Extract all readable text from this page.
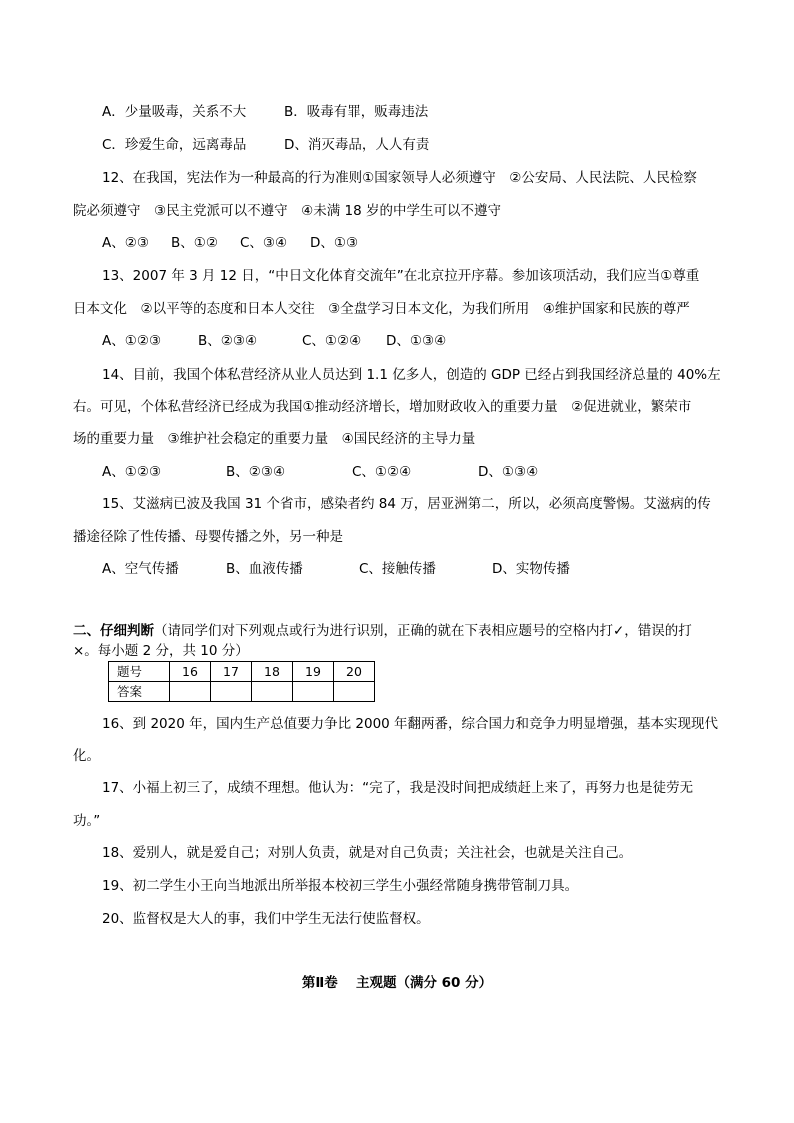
A．少量吸毒，关系不大	B．吸毒有罪，贩毒违法
C．珍爱生命，远离毒品	D、消灭毒品，人人有责
12、在我国，宪法作为一种最高的行为准则①国家领导人必须遵守　②公安局、人民法院、人民检察
院必须遵守　③民主党派可以不遵守　④未满 18 岁的中学生可以不遵守
A、②③ B、①② C、③④ D、①③
13、2007 年 3 月 12 日，“中日文化体育交流年”在北京拉开序幕。参加该项活动，我们应当①尊重
日本文化　②以平等的态度和日本人交往　③全盘学习日本文化，为我们所用　④维护国家和民族的尊严
A、①②③	B、②③④	C、①②④ D、①③④
14、目前，我国个体私营经济从业人员达到 1.1 亿多人，创造的 GDP 已经占到我国经济总量的 40%左
右。可见，个体私营经济已经成为我国①推动经济增长，增加财政收入的重要力量　②促进就业，繁荣市
场的重要力量　③维护社会稳定的重要力量　④国民经济的主导力量
A、①②③	B、②③④	C、①②④	D、①③④
15、艾滋病已波及我国 31 个省市，感染者约 84 万，居亚洲第二，所以，必须高度警惕。艾滋病的传
播途径除了性传播、母婴传播之外，另一种是
A、空气传播	B、血液传播	C、接触传播	D、实物传播
二、仔细判断（请同学们对下列观点或行为进行识别，正确的就在下表相应题号的空格内打✓，错误的打
×。每小题 2 分，共 10 分）
题号	16	17	18	19	20
答案					
16、到 2020 年，国内生产总值要力争比 2000 年翻两番，综合国力和竞争力明显增强，基本实现现代
化。
17、小福上初三了，成绩不理想。他认为：“完了，我是没时间把成绩赶上来了，再努力也是徒劳无
功。”
18、爱别人，就是爱自己；对别人负责，就是对自己负责；关注社会，也就是关注自己。
19、初二学生小王向当地派出所举报本校初三学生小强经常随身携带管制刀具。
20、监督权是大人的事，我们中学生无法行使监督权。
第Ⅱ卷　 主观题（满分 60 分）
